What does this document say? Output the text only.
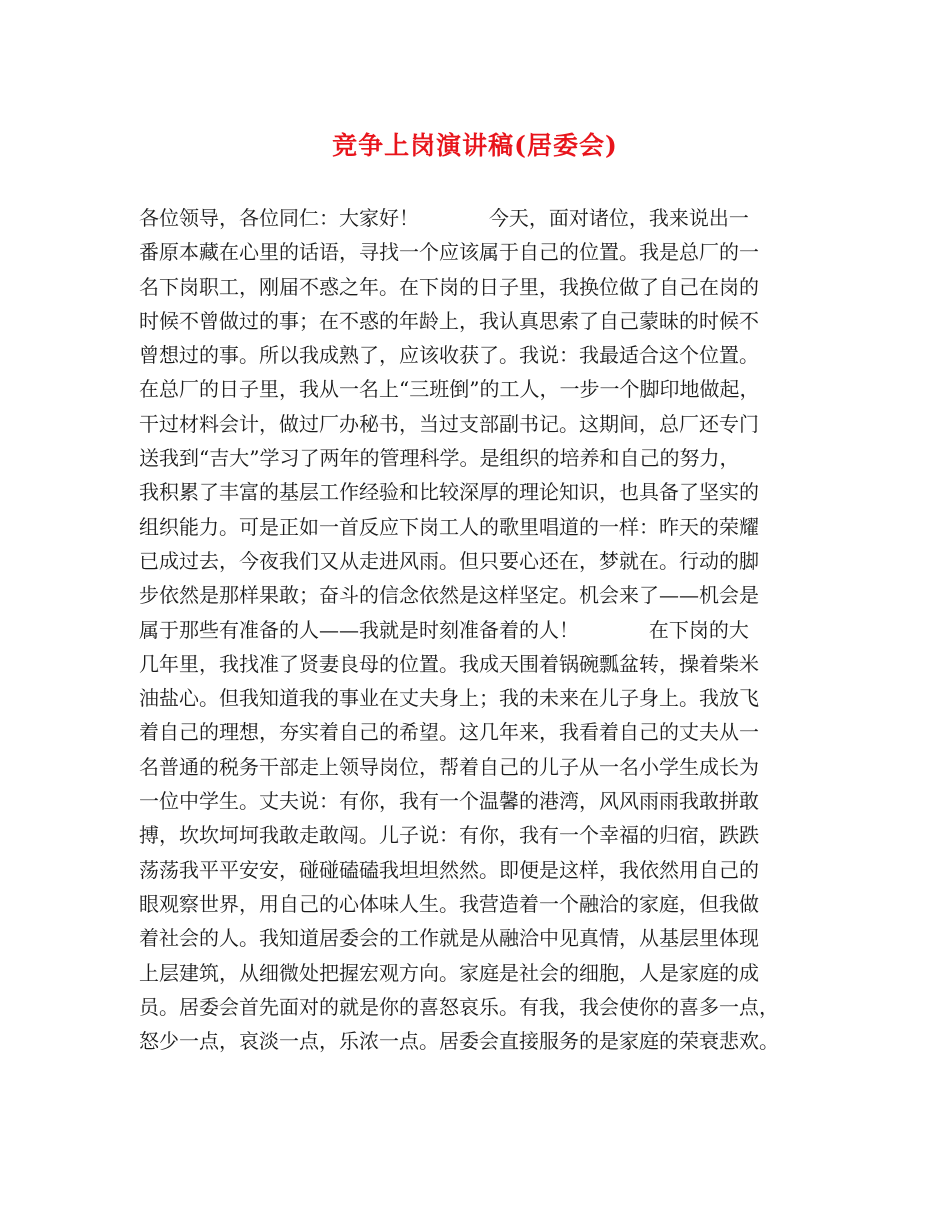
竞争上岗演讲稿(居委会)
各位领导，各位同仁：大家好！           今天，面对诸位，我来说出一
番原本藏在心里的话语，寻找一个应该属于自己的位置。我是总厂的一
名下岗职工，刚届不惑之年。在下岗的日子里，我换位做了自己在岗的
时候不曾做过的事；在不惑的年龄上，我认真思索了自己蒙昧的时候不
曾想过的事。所以我成熟了，应该收获了。我说：我最适合这个位置。
在总厂的日子里，我从一名上“三班倒”的工人，一步一个脚印地做起，
干过材料会计，做过厂办秘书，当过支部副书记。这期间，总厂还专门
送我到“吉大”学习了两年的管理科学。是组织的培养和自己的努力，
我积累了丰富的基层工作经验和比较深厚的理论知识，也具备了坚实的
组织能力。可是正如一首反应下岗工人的歌里唱道的一样：昨天的荣耀
已成过去，今夜我们又从走进风雨。但只要心还在，梦就在。行动的脚
步依然是那样果敢；奋斗的信念依然是这样坚定。机会来了——机会是
属于那些有准备的人——我就是时刻准备着的人！           在下岗的大
几年里，我找准了贤妻良母的位置。我成天围着锅碗瓢盆转，操着柴米
油盐心。但我知道我的事业在丈夫身上；我的未来在儿子身上。我放飞
着自己的理想，夯实着自己的希望。这几年来，我看着自己的丈夫从一
名普通的税务干部走上领导岗位，帮着自己的儿子从一名小学生成长为
一位中学生。丈夫说：有你，我有一个温馨的港湾，风风雨雨我敢拼敢
搏，坎坎坷坷我敢走敢闯。儿子说：有你，我有一个幸福的归宿，跌跌
荡荡我平平安安，碰碰磕磕我坦坦然然。即便是这样，我依然用自己的
眼观察世界，用自己的心体味人生。我营造着一个融洽的家庭，但我做
着社会的人。我知道居委会的工作就是从融洽中见真情，从基层里体现
上层建筑，从细微处把握宏观方向。家庭是社会的细胞，人是家庭的成
员。居委会首先面对的就是你的喜怒哀乐。有我，我会使你的喜多一点，
怒少一点，哀淡一点，乐浓一点。居委会直接服务的是家庭的荣衰悲欢。
